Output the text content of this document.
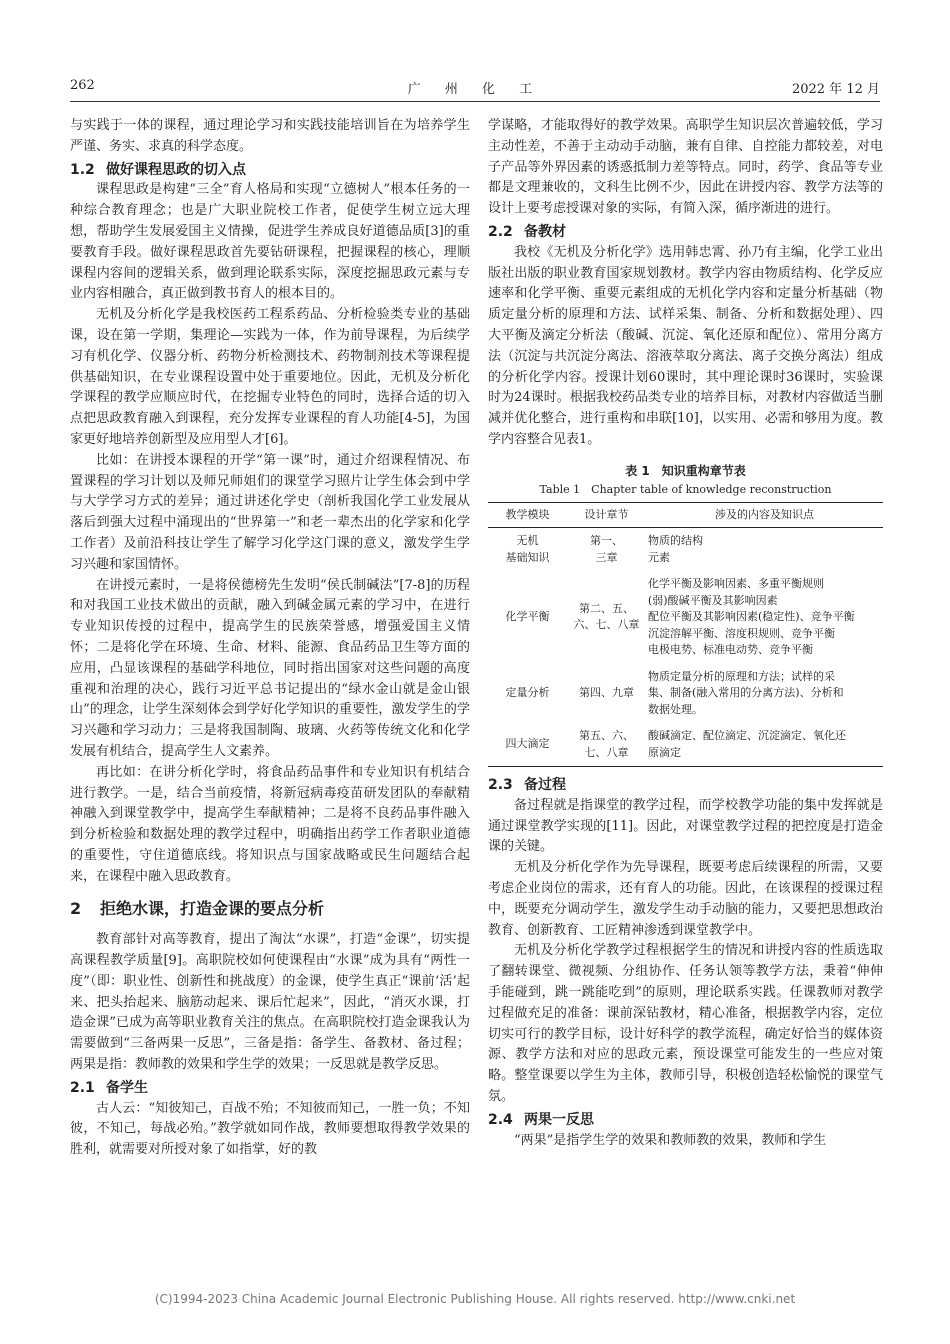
262	广 州 化 工	2022 年 12 月

与实践于一体的课程，通过理论学习和实践技能培训旨在为培养学生严谨、务实、求真的科学态度。

1.2 做好课程思政的切入点

课程思政是构建“三全”育人格局和实现“立德树人”根本任务的一种综合教育理念；也是广大职业院校工作者，促使学生树立远大理想，帮助学生发展爱国主义情操，促进学生养成良好道德品质[3]的重要教育手段。做好课程思政首先要钻研课程，把握课程的核心，理顺课程内容间的逻辑关系，做到理论联系实际，深度挖掘思政元素与专业内容相融合，真正做到教书育人的根本目的。

无机及分析化学是我校医药工程系药品、分析检验类专业的基础课，设在第一学期，集理论—实践为一体，作为前导课程，为后续学习有机化学、仪器分析、药物分析检测技术、药物制剂技术等课程提供基础知识，在专业课程设置中处于重要地位。因此，无机及分析化学课程的教学应顺应时代，在挖掘专业特色的同时，选择合适的切入点把思政教育融入到课程，充分发挥专业课程的育人功能[4-5]，为国家更好地培养创新型及应用型人才[6]。

比如：在讲授本课程的开学“第一课”时，通过介绍课程情况、布置课程的学习计划以及师兄师姐们的课堂学习照片让学生体会到中学与大学学习方式的差异；通过讲述化学史（剖析我国化学工业发展从落后到强大过程中涌现出的“世界第一”和老一辈杰出的化学家和化学工作者）及前沿科技让学生了解学习化学这门课的意义，激发学生学习兴趣和家国情怀。

在讲授元素时，一是将侯德榜先生发明“侯氏制碱法”[7-8]的历程和对我国工业技术做出的贡献，融入到碱金属元素的学习中，在进行专业知识传授的过程中，提高学生的民族荣誉感，增强爱国主义情怀；二是将化学在环境、生命、材料、能源、食品药品卫生等方面的应用，凸显该课程的基础学科地位，同时指出国家对这些问题的高度重视和治理的决心，践行习近平总书记提出的“绿水金山就是金山银山”的理念，让学生深刻体会到学好化学知识的重要性，激发学生的学习兴趣和学习动力；三是将我国制陶、玻璃、火药等传统文化和化学发展有机结合，提高学生人文素养。

再比如：在讲分析化学时，将食品药品事件和专业知识有机结合进行教学。一是，结合当前疫情，将新冠病毒疫苗研发团队的奉献精神融入到课堂教学中，提高学生奉献精神；二是将不良药品事件融入到分析检验和数据处理的教学过程中，明确指出药学工作者职业道德的重要性，守住道德底线。将知识点与国家战略或民生问题结合起来，在课程中融入思政教育。

2 拒绝水课，打造金课的要点分析

教育部针对高等教育，提出了淘汰“水课”，打造“金课”，切实提高课程教学质量[9]。高职院校如何使课程由“水课”成为具有“两性一度”（即：职业性、创新性和挑战度）的金课，使学生真正“课前‘活’起来、把头抬起来、脑筋动起来、课后忙起来”，因此，“消灭水课，打造金课”已成为高等职业教育关注的焦点。在高职院校打造金课我认为需要做到“三备两果一反思”，三备是指：备学生、备教材、备过程；两果是指：教师教的效果和学生学的效果；一反思就是教学反思。

2.1 备学生

古人云：“知彼知己，百战不殆；不知彼而知己，一胜一负；不知彼，不知己，每战必殆。”教学就如同作战，教师要想取得教学效果的胜利，就需要对所授对象了如指掌，好的教

学谋略，才能取得好的教学效果。高职学生知识层次普遍较低，学习主动性差，不善于主动动手动脑，兼有自律、自控能力都较差，对电子产品等外界因素的诱惑抵制力差等特点。同时，药学、食品等专业都是文理兼收的，文科生比例不少，因此在讲授内容、教学方法等的设计上要考虑授课对象的实际，有简入深，循序渐进的进行。

2.2 备教材

我校《无机及分析化学》选用韩忠霄、孙乃有主编，化学工业出版社出版的职业教育国家规划教材。教学内容由物质结构、化学反应速率和化学平衡、重要元素组成的无机化学内容和定量分析基础（物质定量分析的原理和方法、试样采集、制备、分析和数据处理）、四大平衡及滴定分析法（酸碱、沉淀、氧化还原和配位）、常用分离方法（沉淀与共沉淀分离法、溶液萃取分离法、离子交换分离法）组成的分析化学内容。授课计划60课时，其中理论课时36课时，实验课时为24课时。根据我校药品类专业的培养目标，对教材内容做适当删减并优化整合，进行重构和串联[10]，以实用、必需和够用为度。教学内容整合见表1。

表 1　知识重构章节表
Table 1　Chapter table of knowledge reconstruction
教学模块	设计章节	涉及的内容及知识点

无机
基础知识	第一、
三章	物质的结构
元素

化学平衡	第二、五、
六、七、八章	化学平衡及影响因素、多重平衡规则
(弱)酸碱平衡及其影响因素
配位平衡及其影响因素(稳定性)、竞争平衡
沉淀溶解平衡、溶度积规则、竞争平衡
电极电势、标准电动势、竞争平衡

定量分析	第四、九章	物质定量分析的原理和方法；试样的采
集、制备(融入常用的分离方法)、分析和
数据处理。

四大滴定	第五、六、
七、八章	酸碱滴定、配位滴定、沉淀滴定、氧化还
原滴定
2.3 备过程

备过程就是指课堂的教学过程，而学校教学功能的集中发挥就是通过课堂教学实现的[11]。因此，对课堂教学过程的把控度是打造金课的关键。

无机及分析化学作为先导课程，既要考虑后续课程的所需，又要考虑企业岗位的需求，还有育人的功能。因此，在该课程的授课过程中，既要充分调动学生，激发学生动手动脑的能力，又要把思想政治教育、创新教育、工匠精神渗透到课堂教学中。

无机及分析化学教学过程根据学生的情况和讲授内容的性质选取了翻转课堂、微视频、分组协作、任务认领等教学方法，秉着“伸伸手能碰到，跳一跳能吃到”的原则，理论联系实践。任课教师对教学过程做充足的准备：课前深钻教材，精心准备，根据教学内容，定位切实可行的教学目标，设计好科学的教学流程，确定好恰当的媒体资源、教学方法和对应的思政元素，预设课堂可能发生的一些应对策略。整堂课要以学生为主体，教师引导，积极创造轻松愉悦的课堂气氛。

2.4 两果一反思

“两果”是指学生学的效果和教师教的效果，教师和学生

(C)1994-2023 China Academic Journal Electronic Publishing House. All rights reserved. http://www.cnki.net
